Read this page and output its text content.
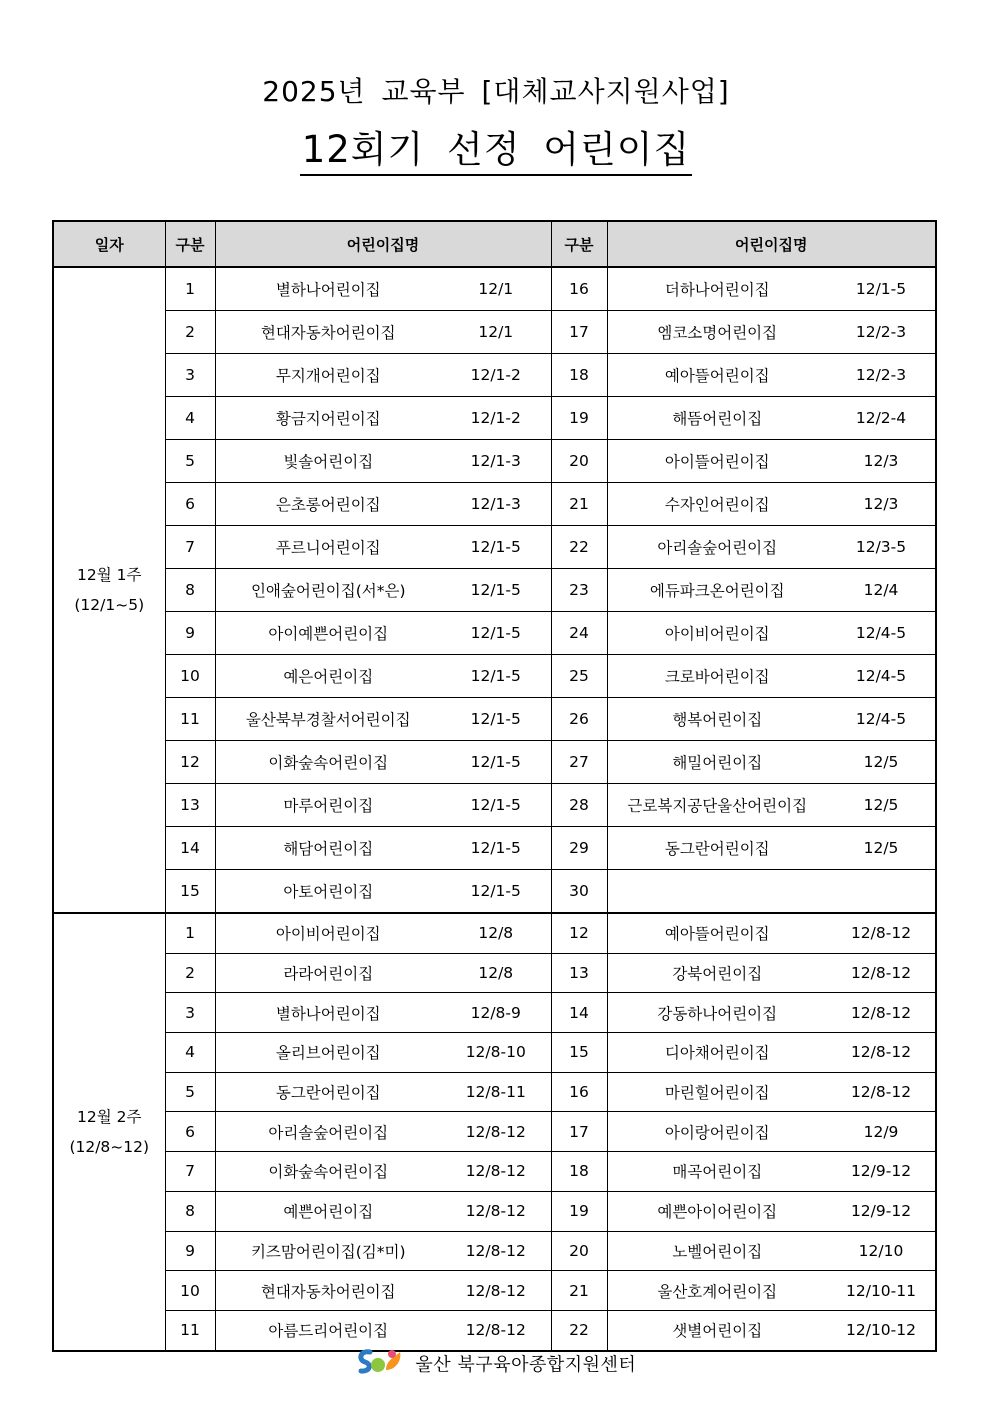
2025년 교육부 [대체교사지원사업]
12회기 선정 어린이집
일자	구분	어린이집명		구분	어린이집명	

12월 1주
(12/1~5)	1	별하나어린이집	12/1	16	더하나어린이집	12/1-5
	2	현대자동차어린이집	12/1	17	엠코소명어린이집	12/2-3
	3	무지개어린이집	12/1-2	18	예아뜰어린이집	12/2-3
	4	황금지어린이집	12/1-2	19	해뜸어린이집	12/2-4
	5	빛솔어린이집	12/1-3	20	아이뜰어린이집	12/3
	6	은초롱어린이집	12/1-3	21	수자인어린이집	12/3
	7	푸르니어린이집	12/1-5	22	아리솔숲어린이집	12/3-5
	8	인애숲어린이집(서*은)	12/1-5	23	에듀파크온어린이집	12/4
	9	아이예쁜어린이집	12/1-5	24	아이비어린이집	12/4-5
	10	예은어린이집	12/1-5	25	크로바어린이집	12/4-5
	11	울산북부경찰서어린이집	12/1-5	26	행복어린이집	12/4-5
	12	이화숲속어린이집	12/1-5	27	해밀어린이집	12/5
	13	마루어린이집	12/1-5	28	근로복지공단울산어린이집	12/5
	14	해담어린이집	12/1-5	29	동그란어린이집	12/5
	15	아토어린이집	12/1-5	30		

12월 2주
(12/8~12)	1	아이비어린이집	12/8	12	예아뜰어린이집	12/8-12
	2	라라어린이집	12/8	13	강북어린이집	12/8-12
	3	별하나어린이집	12/8-9	14	강동하나어린이집	12/8-12
	4	올리브어린이집	12/8-10	15	디아채어린이집	12/8-12
	5	동그란어린이집	12/8-11	16	마린힐어린이집	12/8-12
	6	아리솔숲어린이집	12/8-12	17	아이랑어린이집	12/9
	7	이화숲속어린이집	12/8-12	18	매곡어린이집	12/9-12
	8	예쁜어린이집	12/8-12	19	예쁜아이어린이집	12/9-12
	9	키즈맘어린이집(김*미)	12/8-12	20	노벨어린이집	12/10
	10	현대자동차어린이집	12/8-12	21	울산호계어린이집	12/10-11
	11	아름드리어린이집	12/8-12	22	샛별어린이집	12/10-12
울산 북구육아종합지원센터
